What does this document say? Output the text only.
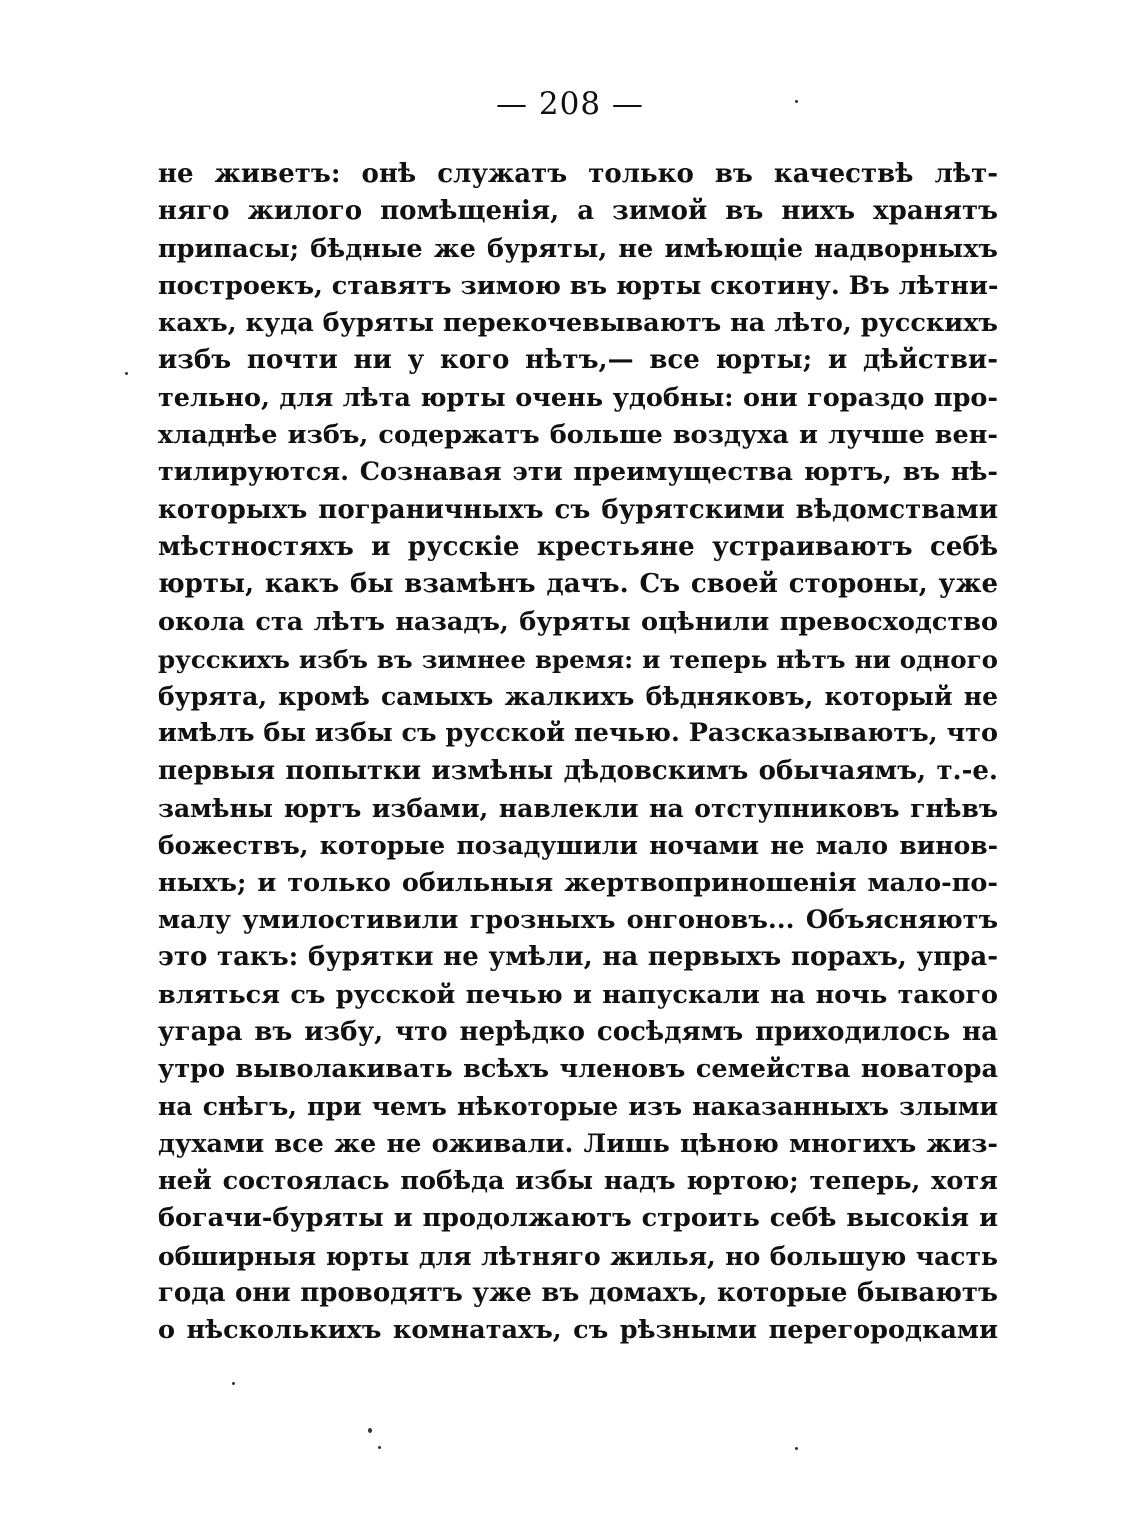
— 208 —
не живетъ: онѣ служатъ только въ качествѣ лѣт-
няго жилого помѣщенія, а зимой въ нихъ хранятъ
припасы; бѣдные же буряты, не имѣющіе надворныхъ
построекъ, ставятъ зимою въ юрты скотину. Въ лѣтни-
кахъ, куда буряты перекочевываютъ на лѣто, русскихъ
избъ почти ни у кого нѣтъ,— все юрты; и дѣйстви-
тельно, для лѣта юрты очень удобны: они гораздо про-
хладнѣе избъ, содержатъ больше воздуха и лучше вен-
тилируются. Сознавая эти преимущества юртъ, въ нѣ-
которыхъ пограничныхъ съ бурятскими вѣдомствами
мѣстностяхъ и русскіе крестьяне устраиваютъ себѣ
юрты, какъ бы взамѣнъ дачъ. Съ своей стороны, уже
окола ста лѣтъ назадъ, буряты оцѣнили превосходство
русскихъ избъ въ зимнее время: и теперь нѣтъ ни одного
бурята, кромѣ самыхъ жалкихъ бѣдняковъ, который не
имѣлъ бы избы съ русской печью. Разсказываютъ, что
первыя попытки измѣны дѣдовскимъ обычаямъ, т.-е.
замѣны юртъ избами, навлекли на отступниковъ гнѣвъ
божествъ, которые позадушили ночами не мало винов-
ныхъ; и только обильныя жертвоприношенія мало-по-
малу умилостивили грозныхъ онгоновъ... Объясняютъ
это такъ: бурятки не умѣли, на первыхъ порахъ, упра-
вляться съ русской печью и напускали на ночь такого
угара въ избу, что нерѣдко сосѣдямъ приходилось на
утро выволакивать всѣхъ членовъ семейства новатора
на снѣгъ, при чемъ нѣкоторые изъ наказанныхъ злыми
духами все же не оживали. Лишь цѣною многихъ жиз-
ней состоялась побѣда избы надъ юртою; теперь, хотя
богачи-буряты и продолжаютъ строить себѣ высокія и
обширныя юрты для лѣтняго жилья, но большую часть
года они проводятъ уже въ домахъ, которые бываютъ
о нѣсколькихъ комнатахъ, съ рѣзными перегородками
